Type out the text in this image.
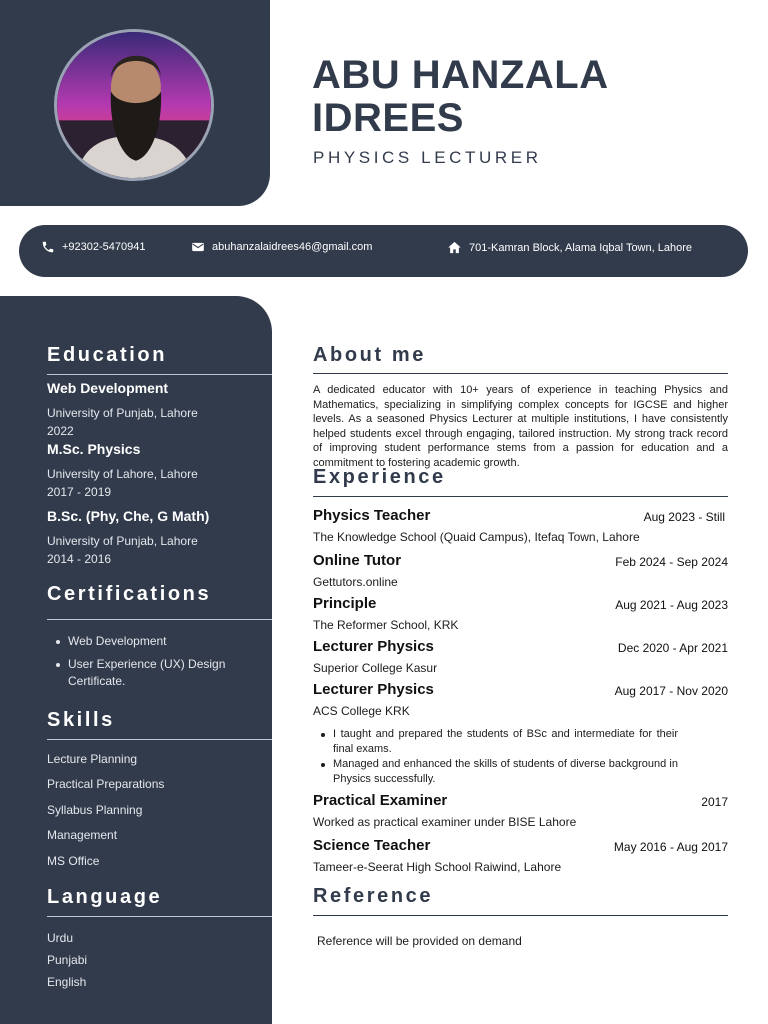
ABU HANZALA
IDREES
PHYSICS LECTURER
+92302-5470941	abuhanzalaidrees46@gmail.com	701-Kamran Block, Alama Iqbal Town, Lahore
Education
Web Development
University of Punjab, Lahore
2022
M.Sc. Physics
University of Lahore, Lahore
2017 - 2019
B.Sc. (Phy, Che, G Math)
University of Punjab, Lahore
2014 - 2016
Certifications
Web Development
User Experience (UX) Design Certificate.
Skills
Lecture Planning
Practical Preparations
Syllabus Planning
Management
MS Office
Language
Urdu
Punjabi
English
About me
A dedicated educator with 10+ years of experience in teaching Physics and Mathematics, specializing in simplifying complex concepts for IGCSE and higher levels. As a seasoned Physics Lecturer at multiple institutions, I have consistently helped students excel through engaging, tailored instruction. My strong track record of improving student performance stems from a passion for education and a commitment to fostering academic growth.
Experience
Physics Teacher	Aug 2023 - Still
The Knowledge School (Quaid Campus), Itefaq Town, Lahore
Online Tutor	Feb 2024 - Sep 2024
Gettutors.online
Principle	Aug 2021 - Aug 2023
The Reformer School, KRK
Lecturer Physics	Dec 2020 - Apr 2021
Superior College Kasur
Lecturer Physics	Aug 2017 - Nov 2020
ACS College KRK
I taught and prepared the students of BSc and intermediate for their final exams.
Managed and enhanced the skills of students of diverse background in Physics successfully.
Practical Examiner	2017
Worked as practical examiner under BISE Lahore
Science Teacher	May 2016 - Aug 2017
Tameer-e-Seerat High School Raiwind, Lahore
Reference
Reference will be provided on demand
